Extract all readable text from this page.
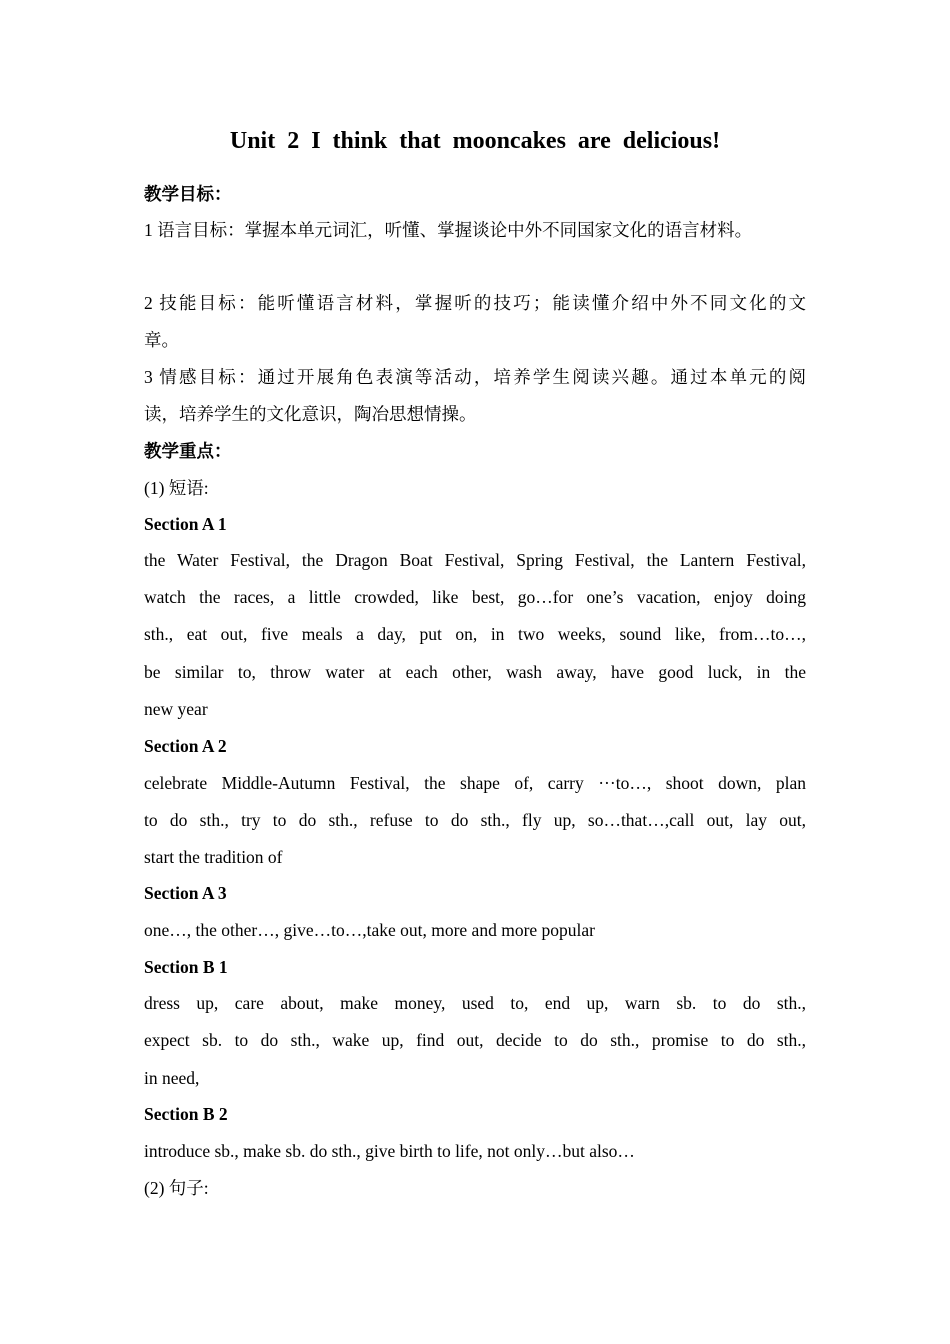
Unit 2 I think that mooncakes are delicious!
教学目标：
1 语言目标：掌握本单元词汇，听懂、掌握谈论中外不同国家文化的语言材料。
2 技能目标：能听懂语言材料，掌握听的技巧；能读懂介绍中外不同文化的文
章。
3 情感目标：通过开展角色表演等活动，培养学生阅读兴趣。通过本单元的阅
读，培养学生的文化意识，陶冶思想情操。
教学重点：
(1) 短语:
Section A 1
the Water Festival, the Dragon Boat Festival, Spring Festival, the Lantern Festival,
watch the races, a little crowded, like best, go…for one’s vacation, enjoy doing
sth., eat out, five meals a day, put on, in two weeks, sound like, from…to…,
be similar to, throw water at each other, wash away, have good luck, in the
new year
Section A 2
celebrate Middle-Autumn Festival, the shape of, carry ···to…, shoot down, plan
to do sth., try to do sth., refuse to do sth., fly up, so…that…,call out, lay out,
start the tradition of
Section A 3
one…, the other…, give…to…,take out, more and more popular
Section B 1
dress up, care about, make money, used to, end up, warn sb. to do sth.,
expect sb. to do sth., wake up, find out, decide to do sth., promise to do sth.,
in need,
Section B 2
introduce sb., make sb. do sth., give birth to life, not only…but also…
(2) 句子:
